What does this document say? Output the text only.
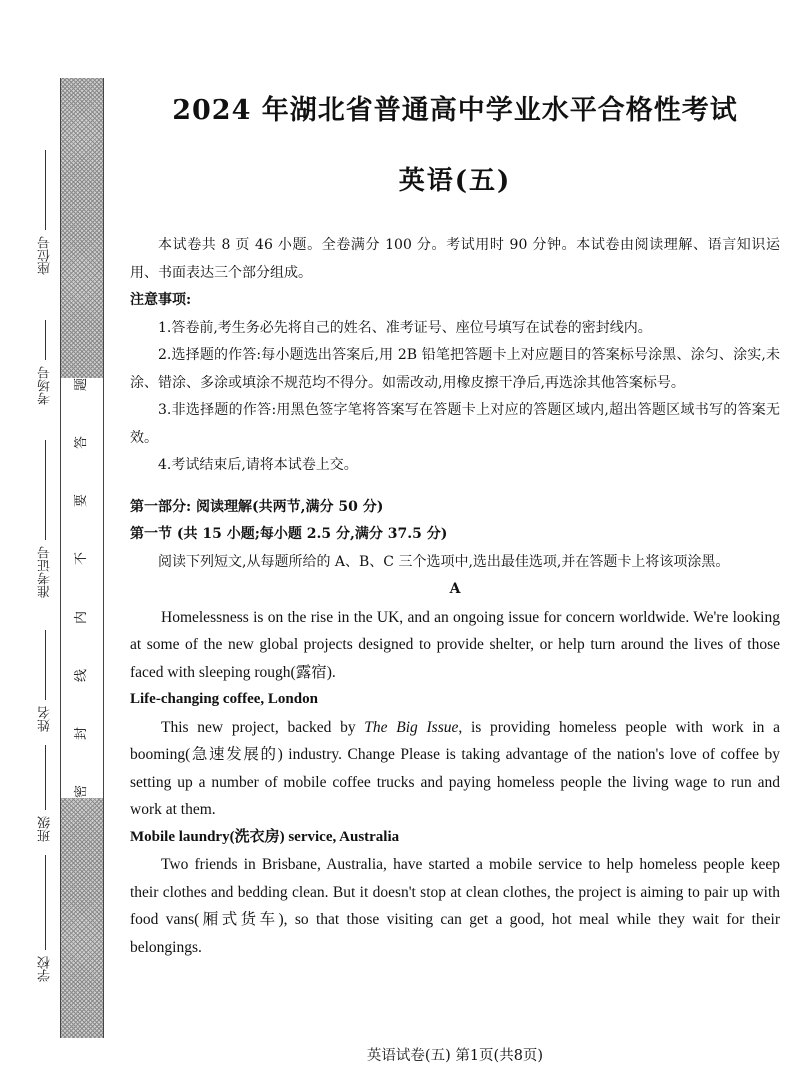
座位号
考场号
准考证号
姓名
班级
学校
题
答
要
不
内
线
封
密
2024 年湖北省普通高中学业水平合格性考试
英语(五)

本试卷共 8 页 46 小题。全卷满分 100 分。考试用时 90 分钟。本试卷由阅读理解、语言知识运用、书面表达三个部分组成。

注意事项:

1.答卷前,考生务必先将自己的姓名、准考证号、座位号填写在试卷的密封线内。

2.选择题的作答:每小题选出答案后,用 2B 铅笔把答题卡上对应题目的答案标号涂黑、涂匀、涂实,未涂、错涂、多涂或填涂不规范均不得分。如需改动,用橡皮擦干净后,再选涂其他答案标号。

3.非选择题的作答:用黑色签字笔将答案写在答题卡上对应的答题区域内,超出答题区域书写的答案无效。

4.考试结束后,请将本试卷上交。

第一部分: 阅读理解(共两节,满分 50 分)

第一节 (共 15 小题;每小题 2.5 分,满分 37.5 分)

阅读下列短文,从每题所给的 A、B、C 三个选项中,选出最佳选项,并在答题卡上将该项涂黑。

A

Homelessness is on the rise in the UK, and an ongoing issue for concern worldwide. We're looking at some of the new global projects designed to provide shelter, or help turn around the lives of those faced with sleeping rough(露宿).

Life-changing coffee, London

This new project, backed by The Big Issue, is providing homeless people with work in a booming(急速发展的) industry. Change Please is taking advantage of the nation's love of coffee by setting up a number of mobile coffee trucks and paying homeless people the living wage to run and work at them.

Mobile laundry(洗衣房) service, Australia

Two friends in Brisbane, Australia, have started a mobile service to help homeless people keep their clothes and bedding clean. But it doesn't stop at clean clothes, the project is aiming to pair up with food vans(厢式货车), so that those visiting can get a good, hot meal while they wait for their belongings.

英语试卷(五) 第1页(共8页)
